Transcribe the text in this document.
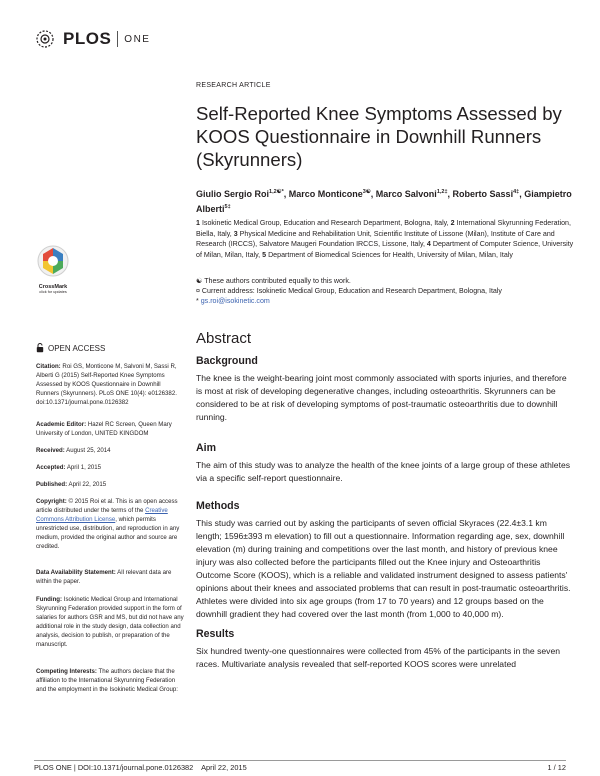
PLOS ONE
RESEARCH ARTICLE
Self-Reported Knee Symptoms Assessed by KOOS Questionnaire in Downhill Runners (Skyrunners)
Giulio Sergio Roi$^{1,2☯*}$, Marco Monticone$^{3☯}$, Marco Salvoni$^{1,2\ddagger}$, Roberto Sassi$^{4\ddagger}$, Giampietro Alberti$^{5\ddagger}$
1 Isokinetic Medical Group, Education and Research Department, Bologna, Italy, 2 International Skyrunning Federation, Biella, Italy, 3 Physical Medicine and Rehabilitation Unit, Scientific Institute of Lissone (Milan), Institute of Care and Research (IRCCS), Salvatore Maugeri Foundation IRCCS, Lissone, Italy, 4 Department of Computer Science, University of Milan, Milan, Italy, 5 Department of Biomedical Sciences for Health, University of Milan, Milan, Italy
☯ These authors contributed equally to this work.
¤ Current address: Isokinetic Medical Group, Education and Research Department, Bologna, Italy
* gs.roi@isokinetic.com
Abstract
Background
The knee is the weight-bearing joint most commonly associated with sports injuries, and therefore is most at risk of developing degenerative changes, including osteoarthritis. Skyrunners can be considered to be at risk of developing symptoms of post-traumatic osteoarthritis due to downhill running.
Aim
The aim of this study was to analyze the health of the knee joints of a large group of these athletes via a specific self-report questionnaire.
Methods
This study was carried out by asking the participants of seven official Skyraces (22.4±3.1 km length; 1596±393 m elevation) to fill out a questionnaire. Information regarding age, sex, downhill elevation (m) during training and competitions over the last month, and history of previous knee injury was also collected before the participants filled out the Knee injury and Osteoarthritis Outcome Score (KOOS), which is a reliable and validated instrument designed to assess patients' opinions about their knees and associated problems that can result in post-traumatic osteoarthritis. Athletes were divided into six age groups (from 17 to 70 years) and 12 groups based on the downhill gradient they had covered over the last month (from 1,000 to 40,000 m).
Results
Six hundred twenty-one questionnaires were collected from 45% of the participants in the seven races. Multivariate analysis revealed that self-reported KOOS scores were unrelated
CrossMark
click for updates
OPEN ACCESS
Citation: Roi GS, Monticone M, Salvoni M, Sassi R, Alberti G (2015) Self-Reported Knee Symptoms Assessed by KOOS Questionnaire in Downhill Runners (Skyrunners). PLoS ONE 10(4): e0126382. doi:10.1371/journal.pone.0126382
Academic Editor: Hazel RC Screen, Queen Mary University of London, UNITED KINGDOM
Received: August 25, 2014
Accepted: April 1, 2015
Published: April 22, 2015
Copyright: © 2015 Roi et al. This is an open access article distributed under the terms of the Creative Commons Attribution License, which permits unrestricted use, distribution, and reproduction in any medium, provided the original author and source are credited.
Data Availability Statement: All relevant data are within the paper.
Funding: Isokinetic Medical Group and International Skyrunning Federation provided support in the form of salaries for authors GSR and MS, but did not have any additional role in the study design, data collection and analysis, decision to publish, or preparation of the manuscript.
Competing Interests: The authors declare that the affiliation to the International Skyrunning Federation and the employment in the Isokinetic Medical Group:
PLOS ONE | DOI:10.1371/journal.pone.0126382    April 22, 2015	1 / 12
